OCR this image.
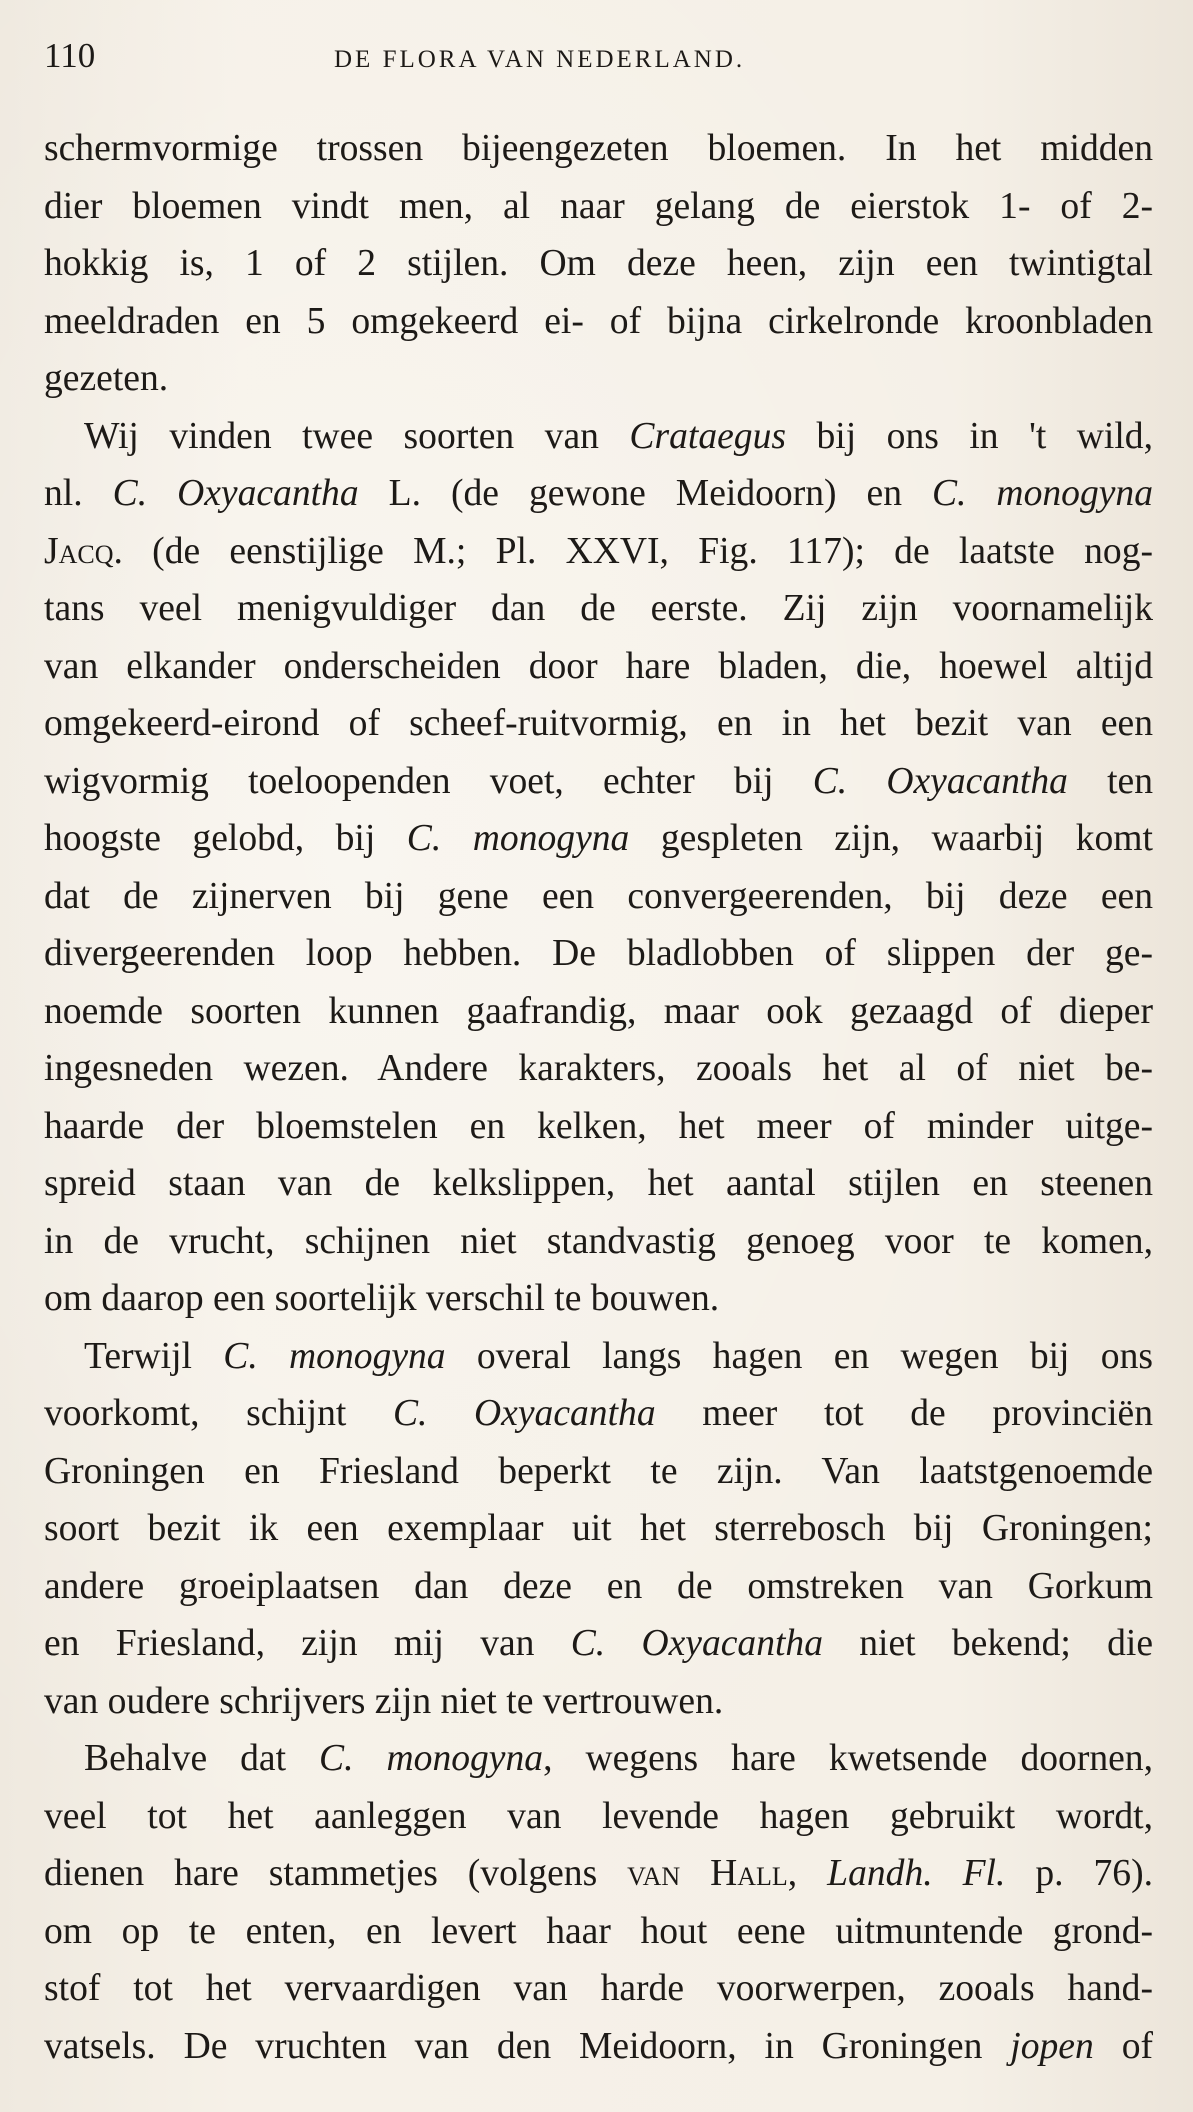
110	DE FLORA VAN NEDERLAND.
schermvormige trossen bijeengezeten bloemen. In het midden
dier bloemen vindt men, al naar gelang de eierstok 1- of 2-
hokkig is, 1 of 2 stijlen. Om deze heen, zijn een twintigtal
meeldraden en 5 omgekeerd ei- of bijna cirkelronde kroonbladen
gezeten.
Wij vinden twee soorten van Crataegus bij ons in 't wild,
nl. C. Oxyacantha L. (de gewone Meidoorn) en C. monogyna
Jacq. (de eenstijlige M.; Pl. XXVI, Fig. 117); de laatste nog-
tans veel menigvuldiger dan de eerste. Zij zijn voornamelijk
van elkander onderscheiden door hare bladen, die, hoewel altijd
omgekeerd-eirond of scheef-ruitvormig, en in het bezit van een
wigvormig toeloopenden voet, echter bij C. Oxyacantha ten
hoogste gelobd, bij C. monogyna gespleten zijn, waarbij komt
dat de zijnerven bij gene een convergeerenden, bij deze een
divergeerenden loop hebben. De bladlobben of slippen der ge-
noemde soorten kunnen gaafrandig, maar ook gezaagd of dieper
ingesneden wezen. Andere karakters, zooals het al of niet be-
haarde der bloemstelen en kelken, het meer of minder uitge-
spreid staan van de kelkslippen, het aantal stijlen en steenen
in de vrucht, schijnen niet standvastig genoeg voor te komen,
om daarop een soortelijk verschil te bouwen.
Terwijl C. monogyna overal langs hagen en wegen bij ons
voorkomt, schijnt C. Oxyacantha meer tot de provinciën
Groningen en Friesland beperkt te zijn. Van laatstgenoemde
soort bezit ik een exemplaar uit het sterrebosch bij Groningen;
andere groeiplaatsen dan deze en de omstreken van Gorkum
en Friesland, zijn mij van C. Oxyacantha niet bekend; die
van oudere schrijvers zijn niet te vertrouwen.
Behalve dat C. monogyna, wegens hare kwetsende doornen,
veel tot het aanleggen van levende hagen gebruikt wordt,
dienen hare stammetjes (volgens van Hall, Landh. Fl. p. 76).
om op te enten, en levert haar hout eene uitmuntende grond-
stof tot het vervaardigen van harde voorwerpen, zooals hand-
vatsels. De vruchten van den Meidoorn, in Groningen jopen of
